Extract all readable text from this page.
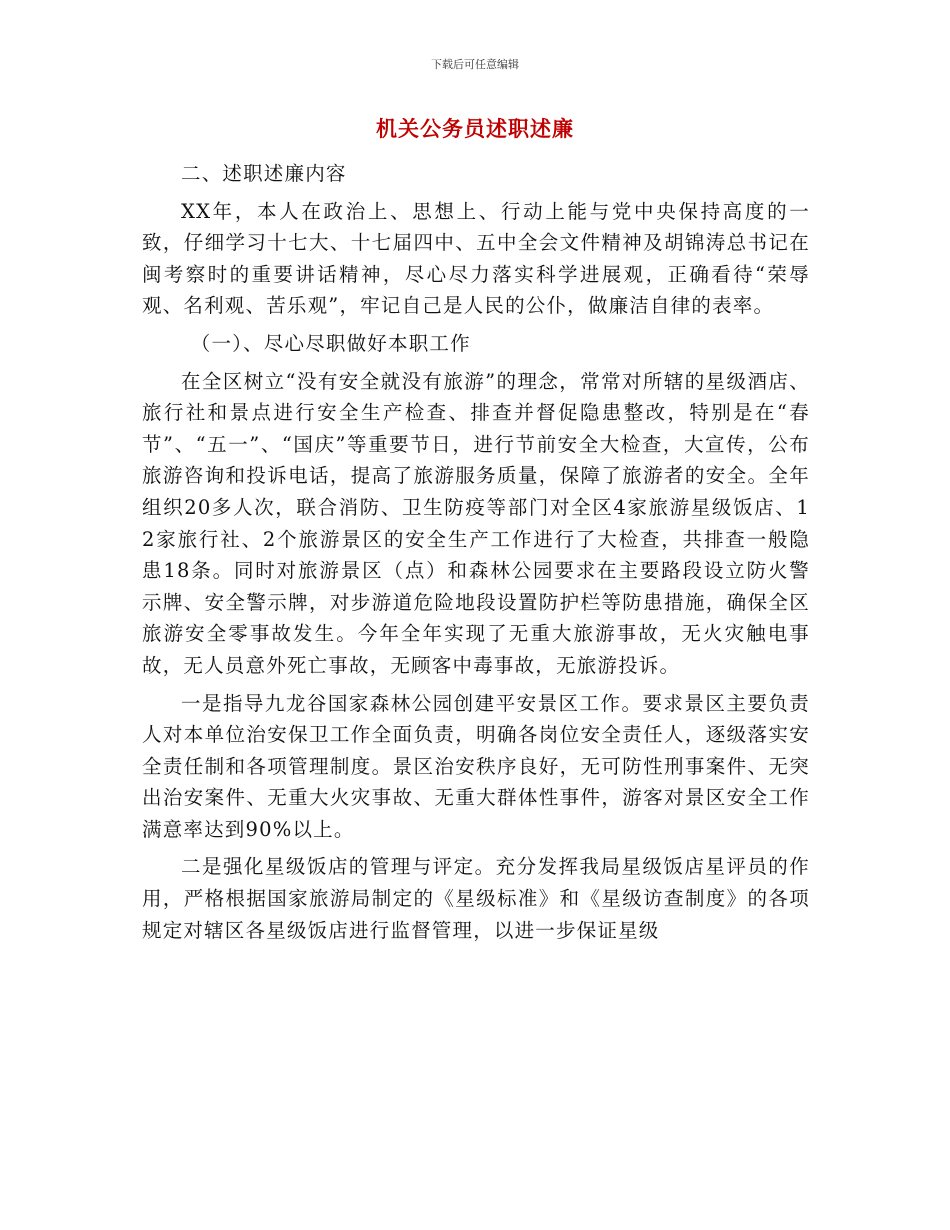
下载后可任意编辑
机关公务员述职述廉

二、述职述廉内容

XX年，本人在政治上、思想上、行动上能与党中央保持高度的一致，仔细学习十七大、十七届四中、五中全会文件精神及胡锦涛总书记在闽考察时的重要讲话精神，尽心尽力落实科学进展观，正确看待“荣辱观、名利观、苦乐观”，牢记自己是人民的公仆，做廉洁自律的表率。

（一）、尽心尽职做好本职工作

在全区树立“没有安全就没有旅游”的理念，常常对所辖的星级酒店、旅行社和景点进行安全生产检查、排查并督促隐患整改，特别是在“春节”、“五一”、“国庆”等重要节日，进行节前安全大检查，大宣传，公布旅游咨询和投诉电话，提高了旅游服务质量，保障了旅游者的安全。全年组织20多人次，联合消防、卫生防疫等部门对全区4家旅游星级饭店、12家旅行社、2个旅游景区的安全生产工作进行了大检查，共排查一般隐患18条。同时对旅游景区（点）和森林公园要求在主要路段设立防火警示牌、安全警示牌，对步游道危险地段设置防护栏等防患措施，确保全区旅游安全零事故发生。今年全年实现了无重大旅游事故，无火灾触电事故，无人员意外死亡事故，无顾客中毒事故，无旅游投诉。

一是指导九龙谷国家森林公园创建平安景区工作。要求景区主要负责人对本单位治安保卫工作全面负责，明确各岗位安全责任人，逐级落实安全责任制和各项管理制度。景区治安秩序良好，无可防性刑事案件、无突出治安案件、无重大火灾事故、无重大群体性事件，游客对景区安全工作满意率达到90%以上。

二是强化星级饭店的管理与评定。充分发挥我局星级饭店星评员的作用，严格根据国家旅游局制定的《星级标准》和《星级访查制度》的各项规定对辖区各星级饭店进行监督管理，以进一步保证星级
